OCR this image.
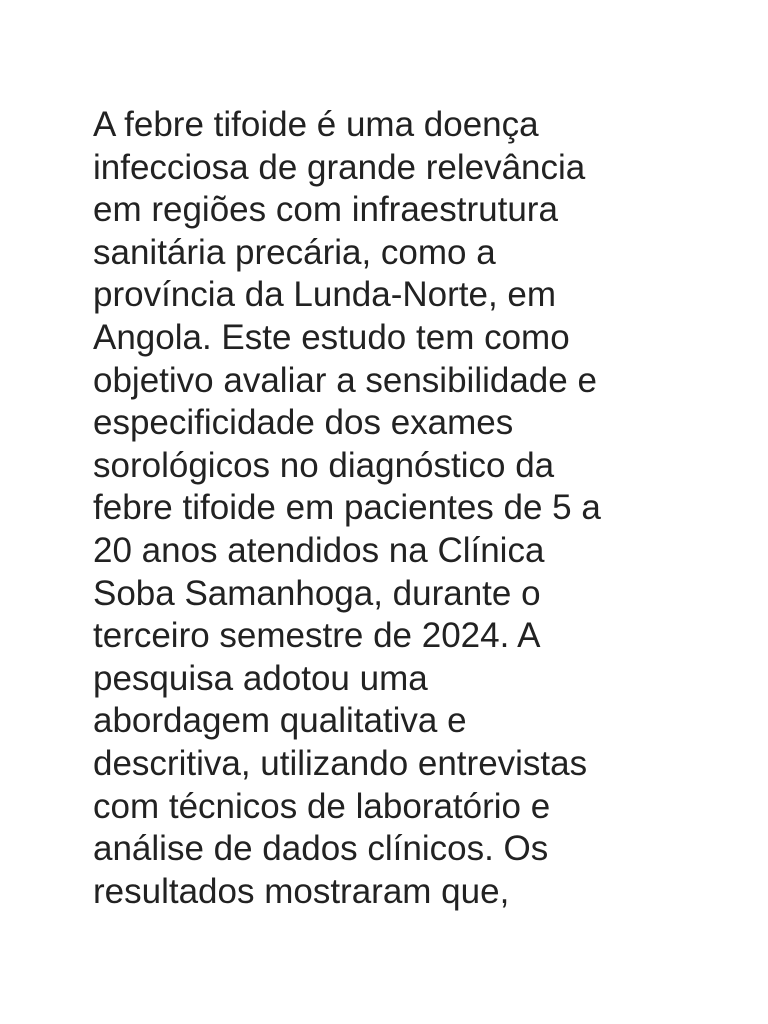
A febre tifoide é uma doença
infecciosa de grande relevância
em regiões com infraestrutura
sanitária precária, como a
província da Lunda-Norte, em
Angola. Este estudo tem como
objetivo avaliar a sensibilidade e
especificidade dos exames
sorológicos no diagnóstico da
febre tifoide em pacientes de 5 a
20 anos atendidos na Clínica
Soba Samanhoga, durante o
terceiro semestre de 2024. A
pesquisa adotou uma
abordagem qualitativa e
descritiva, utilizando entrevistas
com técnicos de laboratório e
análise de dados clínicos. Os
resultados mostraram que,
